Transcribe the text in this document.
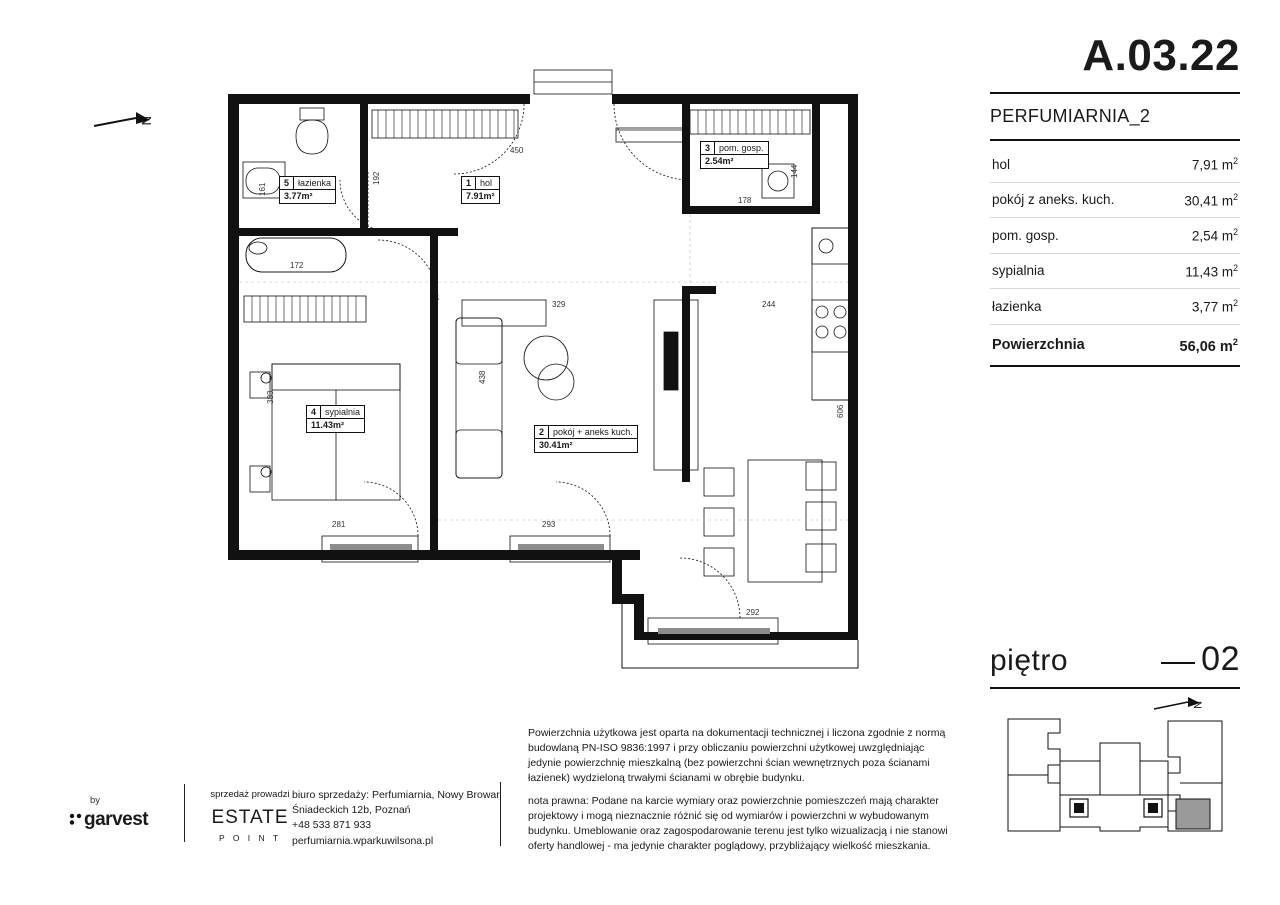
N
5 łazienka
3.77m²
1 hol
7.91m²
3 pom. gosp.
2.54m²
4 sypialnia
11.43m²
2 pokój + aneks kuch.
30.41m²
192
450
144
178
172
161
329	244
438
383
606
281	293
292
A.03.22
PERFUMIARNIA_2
hol	7,91 $m^2$
pokój z aneks. kuch.	30,41 $m^2$
pom. gosp.	2,54 $m^2$
sypialnia	11,43 $m^2$
łazienka	3,77 $m^2$
Powierzchnia	56,06 $m^2$
piętro	02
N
Powierzchnia użytkowa jest oparta na dokumentacji technicznej i liczona zgodnie z normą budowlaną PN-ISO 9836:1997 i przy obliczaniu powierzchni użytkowej uwzględniając jedynie powierzchnię mieszkalną (bez powierzchni ścian wewnętrznych poza ścianami łazienek) wydzieloną trwałymi ścianami w obrębie budynku.
nota prawna: Podane na karcie wymiary oraz powierzchnie pomieszczeń mają charakter projektowy i mogą nieznacznie różnić się od wymiarów i powierzchni w wybudowanym budynku. Umeblowanie oraz zagospodarowanie terenu jest tylko wizualizacją i nie stanowi oferty handlowej - ma jedynie charakter poglądowy, przybliżający wielkość mieszkania.
by
garvest
sprzedaż prowadzi
ESTATE
P O I N T
biuro sprzedaży: Perfumiarnia, Nowy Browar
Śniadeckich 12b, Poznań
+48 533 871 933
perfumiarnia.wparkuwilsona.pl
